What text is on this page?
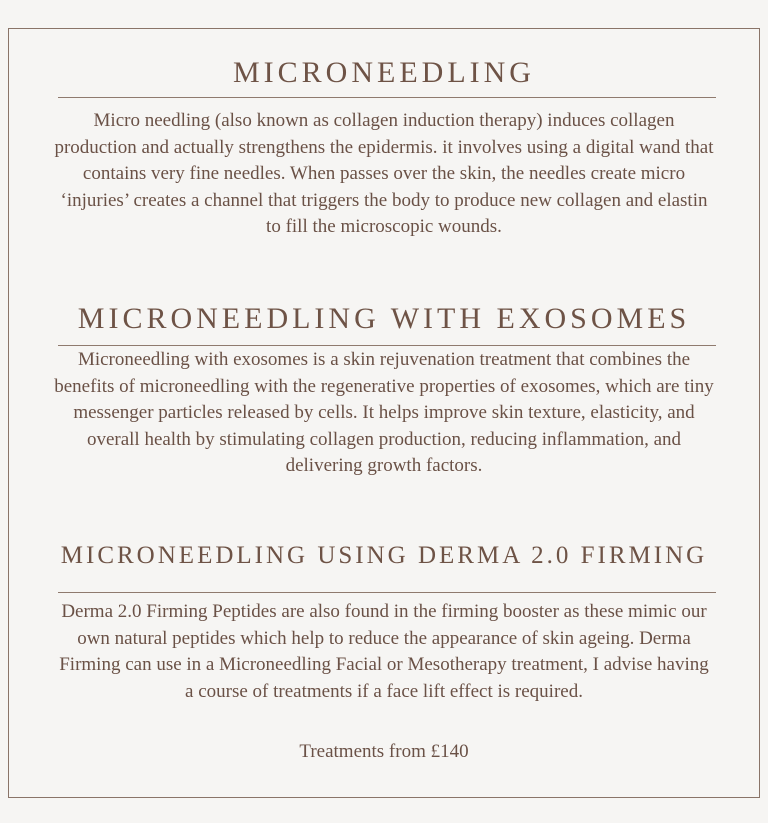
MICRONEEDLING

Micro needling (also known as collagen induction therapy) induces collagen production and actually strengthens the epidermis. it involves using a digital wand that contains very fine needles. When passes over the skin, the needles create micro ‘injuries’ creates a channel that triggers the body to produce new collagen and elastin to fill the microscopic wounds.

MICRONEEDLING WITH EXOSOMES

Microneedling with exosomes is a skin rejuvenation treatment that combines the benefits of microneedling with the regenerative properties of exosomes, which are tiny messenger particles released by cells. It helps improve skin texture, elasticity, and overall health by stimulating collagen production, reducing inflammation, and delivering growth factors.

MICRONEEDLING USING DERMA 2.0 FIRMING

Derma 2.0 Firming Peptides are also found in the firming booster as these mimic our own natural peptides which help to reduce the appearance of skin ageing. Derma Firming can use in a Microneedling Facial or Mesotherapy treatment, I advise having a course of treatments if a face lift effect is required.

Treatments from £140
